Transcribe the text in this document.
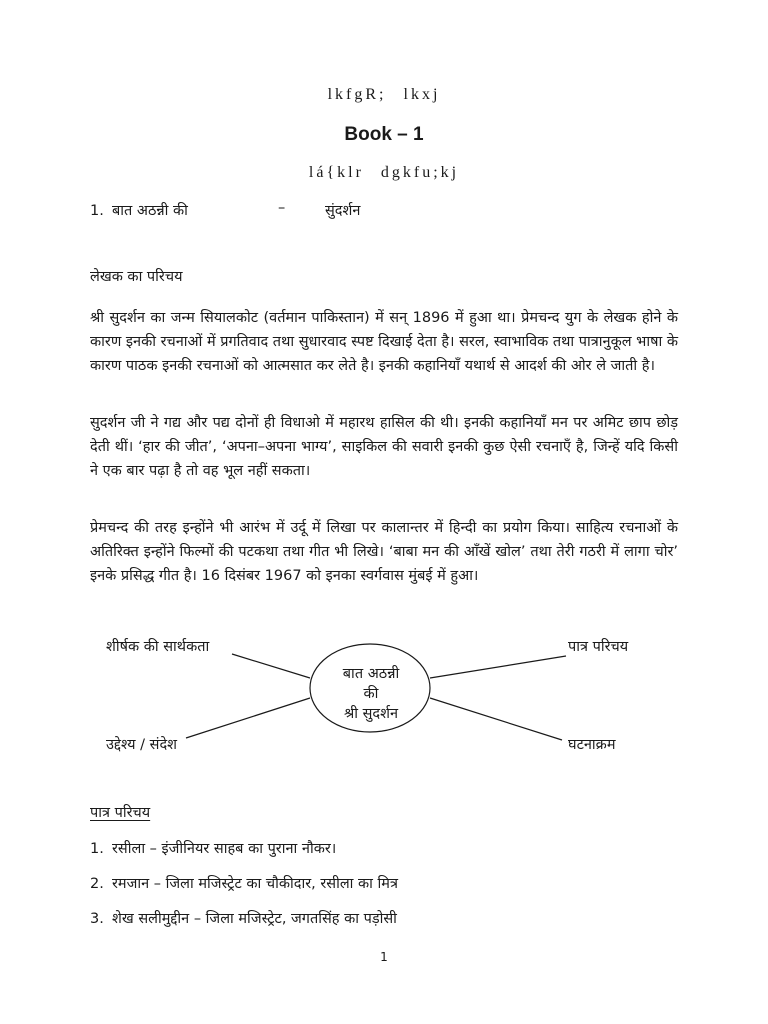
lkfgR; lkxj
Book – 1
lá{klr dgkfu;kj
1. बात अठन्नी की	–	सुंदर्शन
लेखक का परिचय

श्री सुदर्शन का जन्म सियालकोट (वर्तमान पाकिस्तान) में सन् 1896 में हुआ था। प्रेमचन्द युग के लेखक होने के कारण इनकी रचनाओं में प्रगतिवाद तथा सुधारवाद स्पष्ट दिखाई देता है। सरल, स्वाभाविक तथा पात्रानुकूल भाषा के कारण पाठक इनकी रचनाओं को आत्मसात कर लेते है। इनकी कहानियाँ यथार्थ से आदर्श की ओर ले जाती है।

सुदर्शन जी ने गद्य और पद्य दोनों ही विधाओ में महारथ हासिल की थी। इनकी कहानियाँ मन पर अमिट छाप छोड़ देती थीं। ‘हार की जीत’, ‘अपना–अपना भाग्य’, साइकिल की सवारी इनकी कुछ ऐसी रचनाएँ है, जिन्हें यदि किसी ने एक बार पढ़ा है तो वह भूल नहीं सकता।

प्रेमचन्द की तरह इन्होंने भी आरंभ में उर्दू में लिखा पर कालान्तर में हिन्दी का प्रयोग किया। साहित्य रचनाओं के अतिरिक्त इन्होंने फिल्मों की पटकथा तथा गीत भी लिखे। ‘बाबा मन की आँखें खोल’ तथा तेरी गठरी में लागा चोर’ इनके प्रसिद्ध गीत है। 16 दिसंबर 1967 को इनका स्वर्गवास मुंबई में हुआ।

शीर्षक की सार्थकता	पात्र परिचय
उद्देश्य / संदेश	घटनाक्रम
बात अठन्नी
की
श्री सुदर्शन
पात्र परिचय
1. रसीला – इंजीनियर साहब का पुराना नौकर।
2. रमजान – जिला मजिस्ट्रेट का चौकीदार, रसीला का मित्र
3. शेख सलीमुद्दीन – जिला मजिस्ट्रेट, जगतसिंह का पड़ोसी
1
